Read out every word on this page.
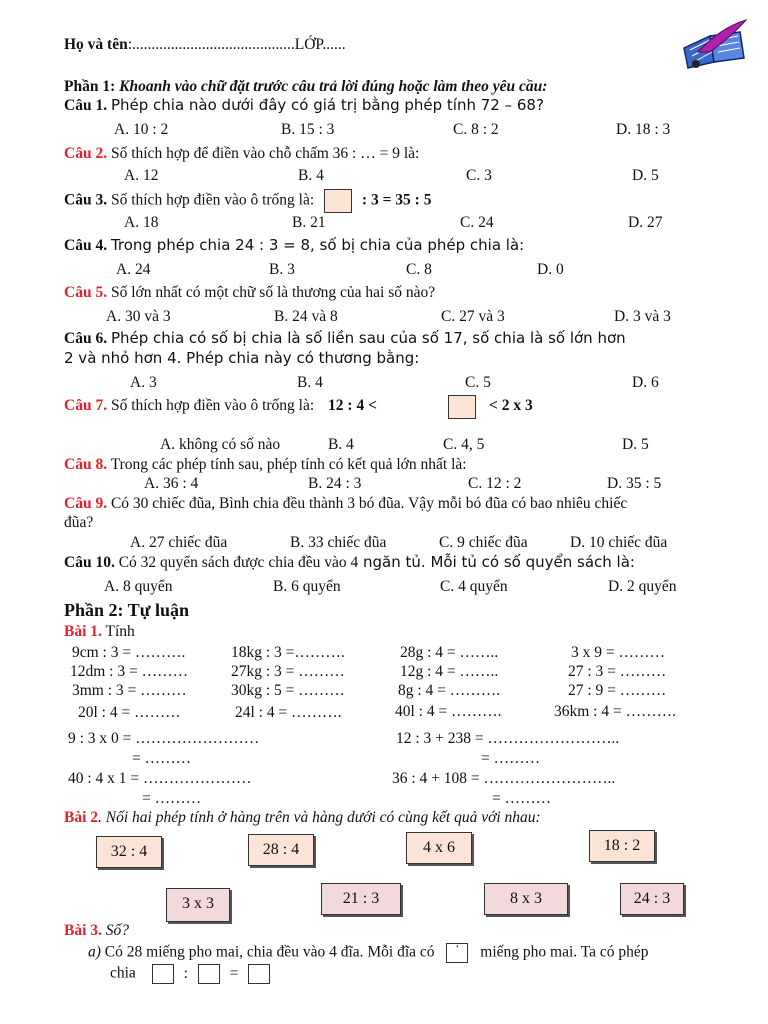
Họ và tên:..........................................LỚP......
Phần 1: Khoanh vào chữ đặt trước câu trả lời đúng hoặc làm theo yêu cầu:
Câu 1. Phép chia nào dưới đây có giá trị bằng phép tính 72 – 68?
A. 10 : 2	B. 15 : 3	C. 8 : 2	D. 18 : 3
Câu 2. Số thích hợp để điền vào chỗ chấm 36 : … = 9 là:
A. 12	B. 4	C. 3	D. 5
Câu 3. Số thích hợp điền vào ô trống là:	: 3 = 35 : 5
A. 18	B. 21	C. 24	D. 27
Câu 4. Trong phép chia 24 : 3 = 8, số bị chia của phép chia là:
A. 24	B. 3	C. 8	D. 0
Câu 5. Số lớn nhất có một chữ số là thương của hai số nào?
A. 30 và 3	B. 24 và 8	C. 27 và 3	D. 3 và 3
Câu 6. Phép chia có số bị chia là số liền sau của số 17, số chia là số lớn hơn
2 và nhỏ hơn 4. Phép chia này có thương bằng:
A. 3	B. 4	C. 5	D. 6
Câu 7. Số thích hợp điền vào ô trống là: 12 : 4 <	< 2 x 3
A. không có số nào	B. 4	C. 4, 5	D. 5
Câu 8. Trong các phép tính sau, phép tính có kết quả lớn nhất là:
A. 36 : 4	B. 24 : 3	C. 12 : 2	D. 35 : 5
Câu 9. Có 30 chiếc đũa, Bình chia đều thành 3 bó đũa. Vậy mỗi bó đũa có bao nhiêu chiếc
đũa?
A. 27 chiếc đũa	B. 33 chiếc đũa	C. 9 chiếc đũa	D. 10 chiếc đũa
Câu 10. Có 32 quyển sách được chia đều vào 4 ngăn tủ. Mỗi tủ có số quyển sách là:
A. 8 quyển	B. 6 quyển	C. 4 quyển	D. 2 quyển
Phần 2: Tự luận
Bài 1. Tính
9cm : 3 = ……….	18kg : 3 =……….	28g : 4 = ……..	3 x 9 = ………
12dm : 3 = ………	27kg : 3 = ………	12g : 4 = ……..	27 : 3 = ………
3mm : 3 = ………	30kg : 5 = ………	8g : 4 = ……….	27 : 9 = ………
20l : 4 = ………	24l : 4 = ……….	40l : 4 = ……….	36km : 4 = ……….
9 : 3 x 0 = ……………………
= ………
12 : 3 + 238 = ……………………..
= ………
40 : 4 x 1 = …………………
= ………
36 : 4 + 108 = ……………………..
= ………
Bài 2. Nối hai phép tính ở hàng trên và hàng dưới có cùng kết quả với nhau:
32 : 4	28 : 4	4 x 6	18 : 2
3 x 3	21 : 3	8 x 3	24 : 3
Bài 3. Số?
a) Có 28 miếng pho mai, chia đều vào 4 đĩa. Mỗi đĩa có ‘ miếng pho mai. Ta có phép
chia	:	=
